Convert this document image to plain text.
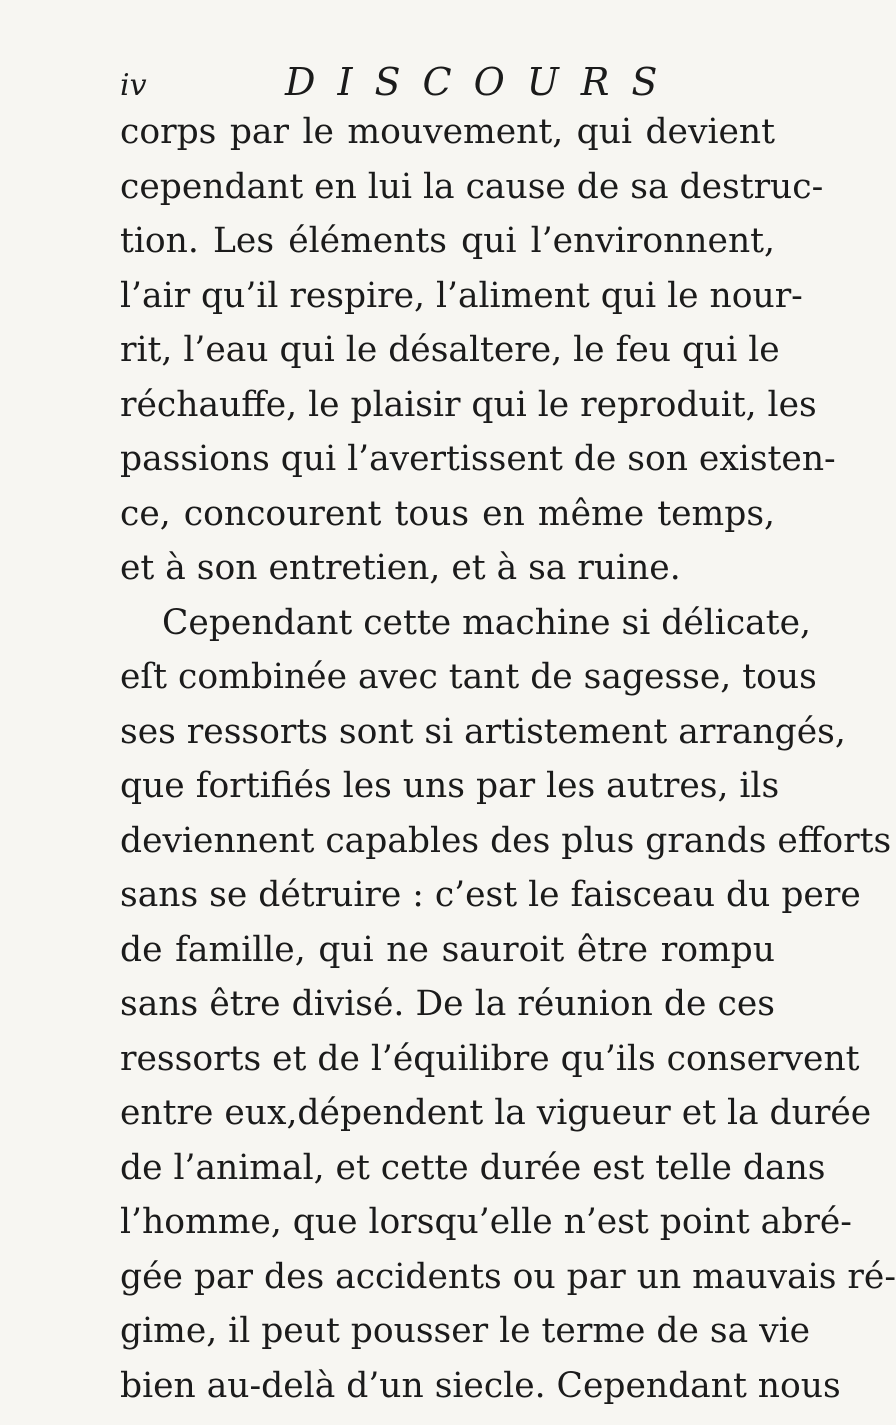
iv	DISCOURS
corps par le mouvement, qui devient
cependant en lui la cause de sa destruc-
tion. Les éléments qui l’environnent,
l’air qu’il respire, l’aliment qui le nour-
rit, l’eau qui le désaltere, le feu qui le
réchauffe, le plaisir qui le reproduit, les
passions qui l’avertissent de son existen-
ce, concourent tous en même temps,
et à son entretien, et à sa ruine.
Cependant cette machine si délicate,
eſt combinée avec tant de sagesse, tous
ses ressorts sont si artistement arrangés,
que fortifiés les uns par les autres, ils
deviennent capables des plus grands efforts
sans se détruire : c’est le faisceau du pere
de famille, qui ne sauroit être rompu
sans être divisé. De la réunion de ces
ressorts et de l’équilibre qu’ils conservent
entre eux,dépendent la vigueur et la durée
de l’animal, et cette durée est telle dans
l’homme, que lorsqu’elle n’est point abré-
gée par des accidents ou par un mauvais ré-
gime, il peut pousser le terme de sa vie
bien au-delà d’un siecle. Cependant nous
